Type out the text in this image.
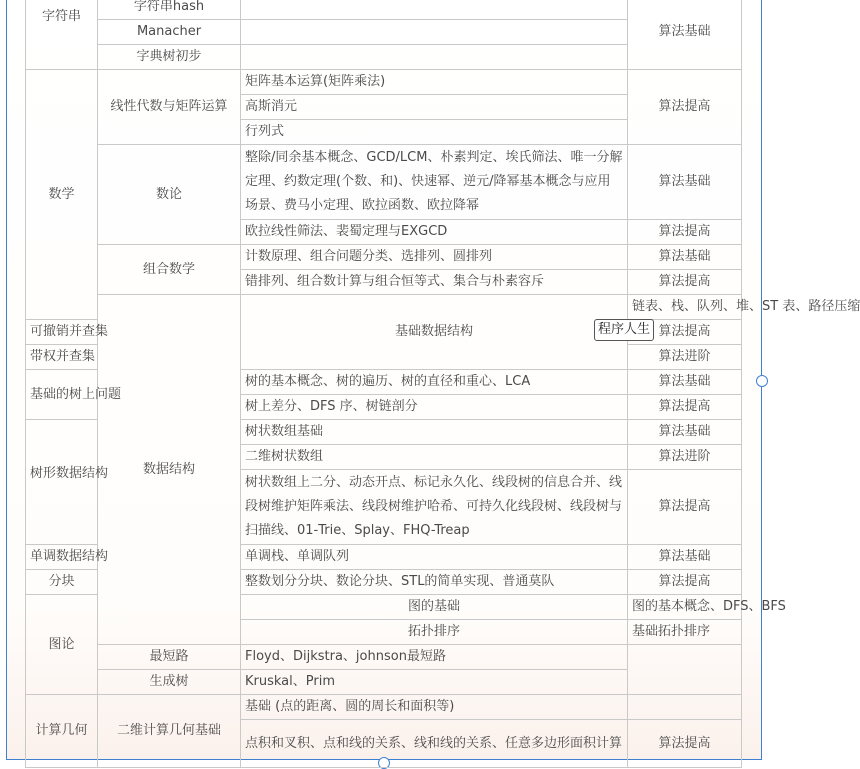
字符串	字符串hash		算法基础	
	Manacher			
	字典树初步			
数学	线性代数与矩阵运算	矩阵基本运算(矩阵乘法)	算法提高	
		高斯消元		
		行列式		
	数论	整除/同余基本概念、GCD/LCM、朴素判定、埃氏筛法、唯一分解定理、约数定理(个数、和)、快速幂、逆元/降幂基本概念与应用场景、费马小定理、欧拉函数、欧拉降幂	算法基础	
		欧拉线性筛法、裴蜀定理与EXGCD	算法提高	
	组合数学	计数原理、组合问题分类、选排列、圆排列	算法基础	
		错排列、组合数计算与组合恒等式、集合与朴素容斥	算法提高	
	数据结构	基础数据结构	链表、栈、队列、堆、ST 表、路径压缩	
可撤销并查集			算法提高	
带权并查集			算法进阶	
基础的树上问题		树的基本概念、树的遍历、树的直径和重心、LCA	算法基础	
		树上差分、DFS 序、树链剖分	算法提高	
树形数据结构		树状数组基础	算法基础	
		二维树状数组	算法进阶	
		树状数组上二分、动态开点、标记永久化、线段树的信息合并、线段树维护矩阵乘法、线段树维护哈希、可持久化线段树、线段树与扫描线、01-Trie、Splay、FHQ-Treap	算法提高	
单调数据结构		单调栈、单调队列	算法基础	
分块		整数划分分块、数论分块、STL的简单实现、普通莫队	算法提高	
图论		图的基础	图的基本概念、DFS、BFS	
		拓扑排序	基础拓扑排序	
	最短路	Floyd、Dijkstra、johnson最短路		
	生成树	Kruskal、Prim		
计算几何	二维计算几何基础	基础 (点的距离、圆的周长和面积等)		
		点积和叉积、点和线的关系、线和线的关系、任意多边形面积计算	算法提高	
程序人生
